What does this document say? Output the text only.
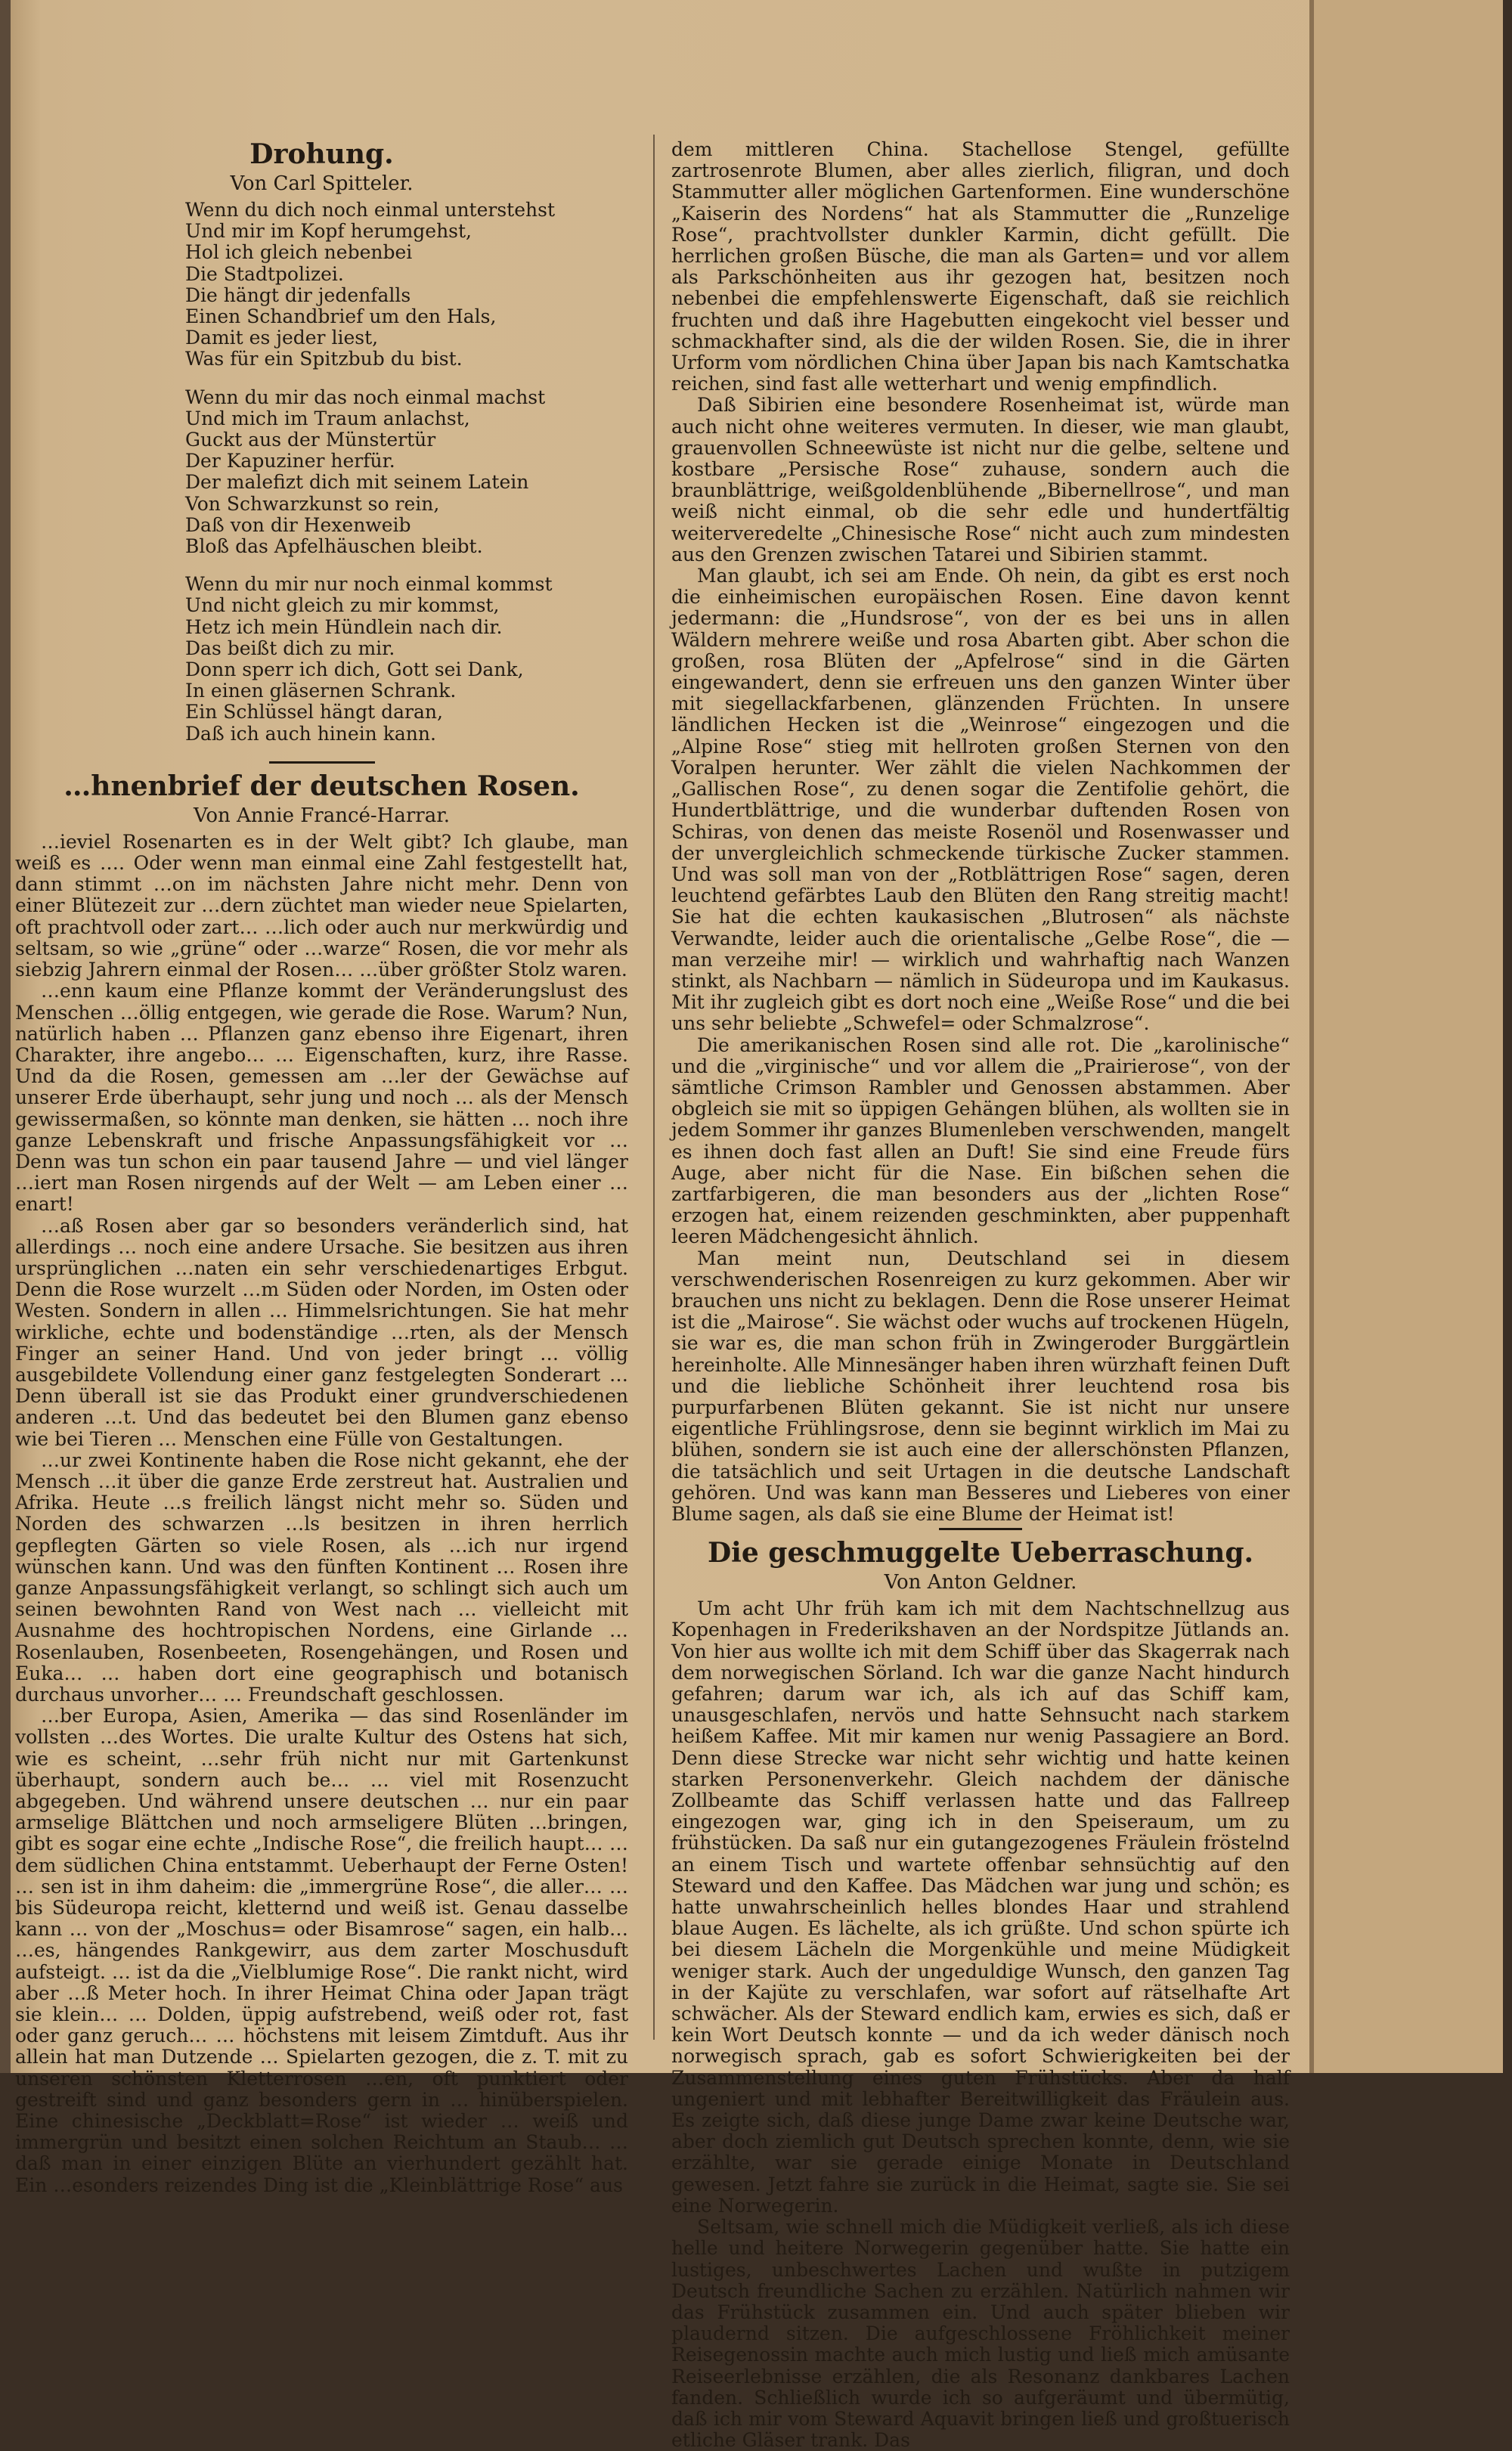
Drohung.
Von Carl Spitteler.

Wenn du dich noch einmal unterstehst

Und mir im Kopf herumgehst,

Hol ich gleich nebenbei

Die Stadtpolizei.

Die hängt dir jedenfalls

Einen Schandbrief um den Hals,

Damit es jeder liest,

Was für ein Spitzbub du bist.

Wenn du mir das noch einmal machst

Und mich im Traum anlachst,

Guckt aus der Münstertür

Der Kapuziner herfür.

Der malefizt dich mit seinem Latein

Von Schwarzkunst so rein,

Daß von dir Hexenweib

Bloß das Apfelhäuschen bleibt.

Wenn du mir nur noch einmal kommst

Und nicht gleich zu mir kommst,

Hetz ich mein Hündlein nach dir.

Das beißt dich zu mir.

Donn sperr ich dich, Gott sei Dank,

In einen gläsernen Schrank.

Ein Schlüssel hängt daran,

Daß ich auch hinein kann.

…hnenbrief der deutschen Rosen.
Von Annie Francé-Harrar.

…ieviel Rosenarten es in der Welt gibt? Ich glaube, man weiß es …. Oder wenn man einmal eine Zahl festgestellt hat, dann stimmt …on im nächsten Jahre nicht mehr. Denn von einer Blütezeit zur …dern züchtet man wieder neue Spielarten, oft prachtvoll oder zart… …lich oder auch nur merkwürdig und seltsam, so wie „grüne“ oder …warze“ Rosen, die vor mehr als siebzig Jahrern einmal der Rosen… …über größter Stolz waren.

…enn kaum eine Pflanze kommt der Veränderungslust des Menschen …öllig entgegen, wie gerade die Rose. Warum? Nun, natürlich haben … Pflanzen ganz ebenso ihre Eigenart, ihren Charakter, ihre angebo… … Eigenschaften, kurz, ihre Rasse. Und da die Rosen, gemessen am …ler der Gewächse auf unserer Erde überhaupt, sehr jung und noch … als der Mensch gewissermaßen, so könnte man denken, sie hätten … noch ihre ganze Lebenskraft und frische Anpassungsfähigkeit vor … Denn was tun schon ein paar tausend Jahre — und viel länger …iert man Rosen nirgends auf der Welt — am Leben einer …enart!

…aß Rosen aber gar so besonders veränderlich sind, hat allerdings … noch eine andere Ursache. Sie besitzen aus ihren ursprünglichen …naten ein sehr verschiedenartiges Erbgut. Denn die Rose wurzelt …m Süden oder Norden, im Osten oder Westen. Sondern in allen … Himmelsrichtungen. Sie hat mehr wirkliche, echte und bodenständige …rten, als der Mensch Finger an seiner Hand. Und von jeder bringt … völlig ausgebildete Vollendung einer ganz festgelegten Sonderart … Denn überall ist sie das Produkt einer grundverschiedenen anderen …t. Und das bedeutet bei den Blumen ganz ebenso wie bei Tieren … Menschen eine Fülle von Gestaltungen.

…ur zwei Kontinente haben die Rose nicht gekannt, ehe der Mensch …it über die ganze Erde zerstreut hat. Australien und Afrika. Heute …s freilich längst nicht mehr so. Süden und Norden des schwarzen …ls besitzen in ihren herrlich gepflegten Gärten so viele Rosen, als …ich nur irgend wünschen kann. Und was den fünften Kontinent … Rosen ihre ganze Anpassungsfähigkeit verlangt, so schlingt sich auch um seinen bewohnten Rand von West nach … vielleicht mit Ausnahme des hochtropischen Nordens, eine Girlande … Rosenlauben, Rosenbeeten, Rosengehängen, und Rosen und Euka… … haben dort eine geographisch und botanisch durchaus unvorher… … Freundschaft geschlossen.

…ber Europa, Asien, Amerika — das sind Rosenländer im vollsten …des Wortes. Die uralte Kultur des Ostens hat sich, wie es scheint, …sehr früh nicht nur mit Gartenkunst überhaupt, sondern auch be… … viel mit Rosenzucht abgegeben. Und während unsere deutschen … nur ein paar armselige Blättchen und noch armseligere Blüten …bringen, gibt es sogar eine echte „Indische Rose“, die freilich haupt… … dem südlichen China entstammt. Ueberhaupt der Ferne Osten! … sen ist in ihm daheim: die „immergrüne Rose“, die aller… …bis Südeuropa reicht, kletternd und weiß ist. Genau dasselbe kann … von der „Moschus= oder Bisamrose“ sagen, ein halb… …es, hängendes Rankgewirr, aus dem zarter Moschusduft aufsteigt. … ist da die „Vielblumige Rose“. Die rankt nicht, wird aber …ß Meter hoch. In ihrer Heimat China oder Japan trägt sie klein… … Dolden, üppig aufstrebend, weiß oder rot, fast oder ganz geruch… … höchstens mit leisem Zimtduft. Aus ihr allein hat man Dutzende … Spielarten gezogen, die z. T. mit zu unseren schönsten Kletterrosen …en, oft punktiert oder gestreift sind und ganz besonders gern in … hinüberspielen. Eine chinesische „Deckblatt=Rose“ ist wieder … weiß und immergrün und besitzt einen solchen Reichtum an Staub… …daß man in einer einzigen Blüte an vierhundert gezählt hat. Ein …esonders reizendes Ding ist die „Kleinblättrige Rose“ aus

dem mittleren China. Stachellose Stengel, gefüllte zartrosenrote Blumen, aber alles zierlich, filigran, und doch Stammutter aller möglichen Gartenformen. Eine wunderschöne „Kaiserin des Nordens“ hat als Stammutter die „Runzelige Rose“, prachtvollster dunkler Karmin, dicht gefüllt. Die herrlichen großen Büsche, die man als Garten= und vor allem als Parkschönheiten aus ihr gezogen hat, besitzen noch nebenbei die empfehlenswerte Eigenschaft, daß sie reichlich fruchten und daß ihre Hagebutten eingekocht viel besser und schmackhafter sind, als die der wilden Rosen. Sie, die in ihrer Urform vom nördlichen China über Japan bis nach Kamtschatka reichen, sind fast alle wetterhart und wenig empfindlich.

Daß Sibirien eine besondere Rosenheimat ist, würde man auch nicht ohne weiteres vermuten. In dieser, wie man glaubt, grauenvollen Schneewüste ist nicht nur die gelbe, seltene und kostbare „Persische Rose“ zuhause, sondern auch die braunblättrige, weißgoldenblühende „Bibernellrose“, und man weiß nicht einmal, ob die sehr edle und hundertfältig weiterveredelte „Chinesische Rose“ nicht auch zum mindesten aus den Grenzen zwischen Tatarei und Sibirien stammt.

Man glaubt, ich sei am Ende. Oh nein, da gibt es erst noch die einheimischen europäischen Rosen. Eine davon kennt jedermann: die „Hundsrose“, von der es bei uns in allen Wäldern mehrere weiße und rosa Abarten gibt. Aber schon die großen, rosa Blüten der „Apfelrose“ sind in die Gärten eingewandert, denn sie erfreuen uns den ganzen Winter über mit siegellackfarbenen, glänzenden Früchten. In unsere ländlichen Hecken ist die „Weinrose“ eingezogen und die „Alpine Rose“ stieg mit hellroten großen Sternen von den Voralpen herunter. Wer zählt die vielen Nachkommen der „Gallischen Rose“, zu denen sogar die Zentifolie gehört, die Hundertblättrige, und die wunderbar duftenden Rosen von Schiras, von denen das meiste Rosenöl und Rosenwasser und der unvergleichlich schmeckende türkische Zucker stammen. Und was soll man von der „Rotblättrigen Rose“ sagen, deren leuchtend gefärbtes Laub den Blüten den Rang streitig macht! Sie hat die echten kaukasischen „Blutrosen“ als nächste Verwandte, leider auch die orientalische „Gelbe Rose“, die — man verzeihe mir! — wirklich und wahrhaftig nach Wanzen stinkt, als Nachbarn — nämlich in Südeuropa und im Kaukasus. Mit ihr zugleich gibt es dort noch eine „Weiße Rose“ und die bei uns sehr beliebte „Schwefel= oder Schmalzrose“.

Die amerikanischen Rosen sind alle rot. Die „karolinische“ und die „virginische“ und vor allem die „Prairierose“, von der sämtliche Crimson Rambler und Genossen abstammen. Aber obgleich sie mit so üppigen Gehängen blühen, als wollten sie in jedem Sommer ihr ganzes Blumenleben verschwenden, mangelt es ihnen doch fast allen an Duft! Sie sind eine Freude fürs Auge, aber nicht für die Nase. Ein bißchen sehen die zartfarbigeren, die man besonders aus der „lichten Rose“ erzogen hat, einem reizenden geschminkten, aber puppenhaft leeren Mädchengesicht ähnlich.

Man meint nun, Deutschland sei in diesem verschwenderischen Rosenreigen zu kurz gekommen. Aber wir brauchen uns nicht zu beklagen. Denn die Rose unserer Heimat ist die „Mairose“. Sie wächst oder wuchs auf trockenen Hügeln, sie war es, die man schon früh in Zwingeroder Burggärtlein hereinholte. Alle Minnesänger haben ihren würzhaft feinen Duft und die liebliche Schönheit ihrer leuchtend rosa bis purpurfarbenen Blüten gekannt. Sie ist nicht nur unsere eigentliche Frühlingsrose, denn sie beginnt wirklich im Mai zu blühen, sondern sie ist auch eine der allerschönsten Pflanzen, die tatsächlich und seit Urtagen in die deutsche Landschaft gehören. Und was kann man Besseres und Lieberes von einer Blume sagen, als daß sie eine Blume der Heimat ist!

Die geschmuggelte Ueberraschung.
Von Anton Geldner.

Um acht Uhr früh kam ich mit dem Nachtschnellzug aus Kopenhagen in Frederikshaven an der Nordspitze Jütlands an. Von hier aus wollte ich mit dem Schiff über das Skagerrak nach dem norwegischen Sörland. Ich war die ganze Nacht hindurch gefahren; darum war ich, als ich auf das Schiff kam, unausgeschlafen, nervös und hatte Sehnsucht nach starkem heißem Kaffee. Mit mir kamen nur wenig Passagiere an Bord. Denn diese Strecke war nicht sehr wichtig und hatte keinen starken Personenverkehr. Gleich nachdem der dänische Zollbeamte das Schiff verlassen hatte und das Fallreep eingezogen war, ging ich in den Speiseraum, um zu frühstücken. Da saß nur ein gutangezogenes Fräulein fröstelnd an einem Tisch und wartete offenbar sehnsüchtig auf den Steward und den Kaffee. Das Mädchen war jung und schön; es hatte unwahrscheinlich helles blondes Haar und strahlend blaue Augen. Es lächelte, als ich grüßte. Und schon spürte ich bei diesem Lächeln die Morgenkühle und meine Müdigkeit weniger stark. Auch der ungeduldige Wunsch, den ganzen Tag in der Kajüte zu verschlafen, war sofort auf rätselhafte Art schwächer. Als der Steward endlich kam, erwies es sich, daß er kein Wort Deutsch konnte — und da ich weder dänisch noch norwegisch sprach, gab es sofort Schwierigkeiten bei der Zusammenstellung eines guten Frühstücks. Aber da half ungeniert und mit lebhafter Bereitwilligkeit das Fräulein aus. Es zeigte sich, daß diese junge Dame zwar keine Deutsche war, aber doch ziemlich gut Deutsch sprechen konnte, denn, wie sie erzählte, war sie gerade einige Monate in Deutschland gewesen. Jetzt fahre sie zurück in die Heimat, sagte sie. Sie sei eine Norwegerin.

Seltsam, wie schnell mich die Müdigkeit verließ, als ich diese helle und heitere Norwegerin gegenüber hatte. Sie hatte ein lustiges, unbeschwertes Lachen und wußte in putzigem Deutsch freundliche Sachen zu erzählen. Natürlich nahmen wir das Frühstück zusammen ein. Und auch später blieben wir plaudernd sitzen. Die aufgeschlossene Fröhlichkeit meiner Reisegenossin machte auch mich lustig und ließ mich amüsante Reiseerlebnisse erzählen, die als Resonanz dankbares Lachen fanden. Schließlich wurde ich so aufgeräumt und übermütig, daß ich mir vom Steward Aquavit bringen ließ und großtuerisch etliche Gläser trank. Das
